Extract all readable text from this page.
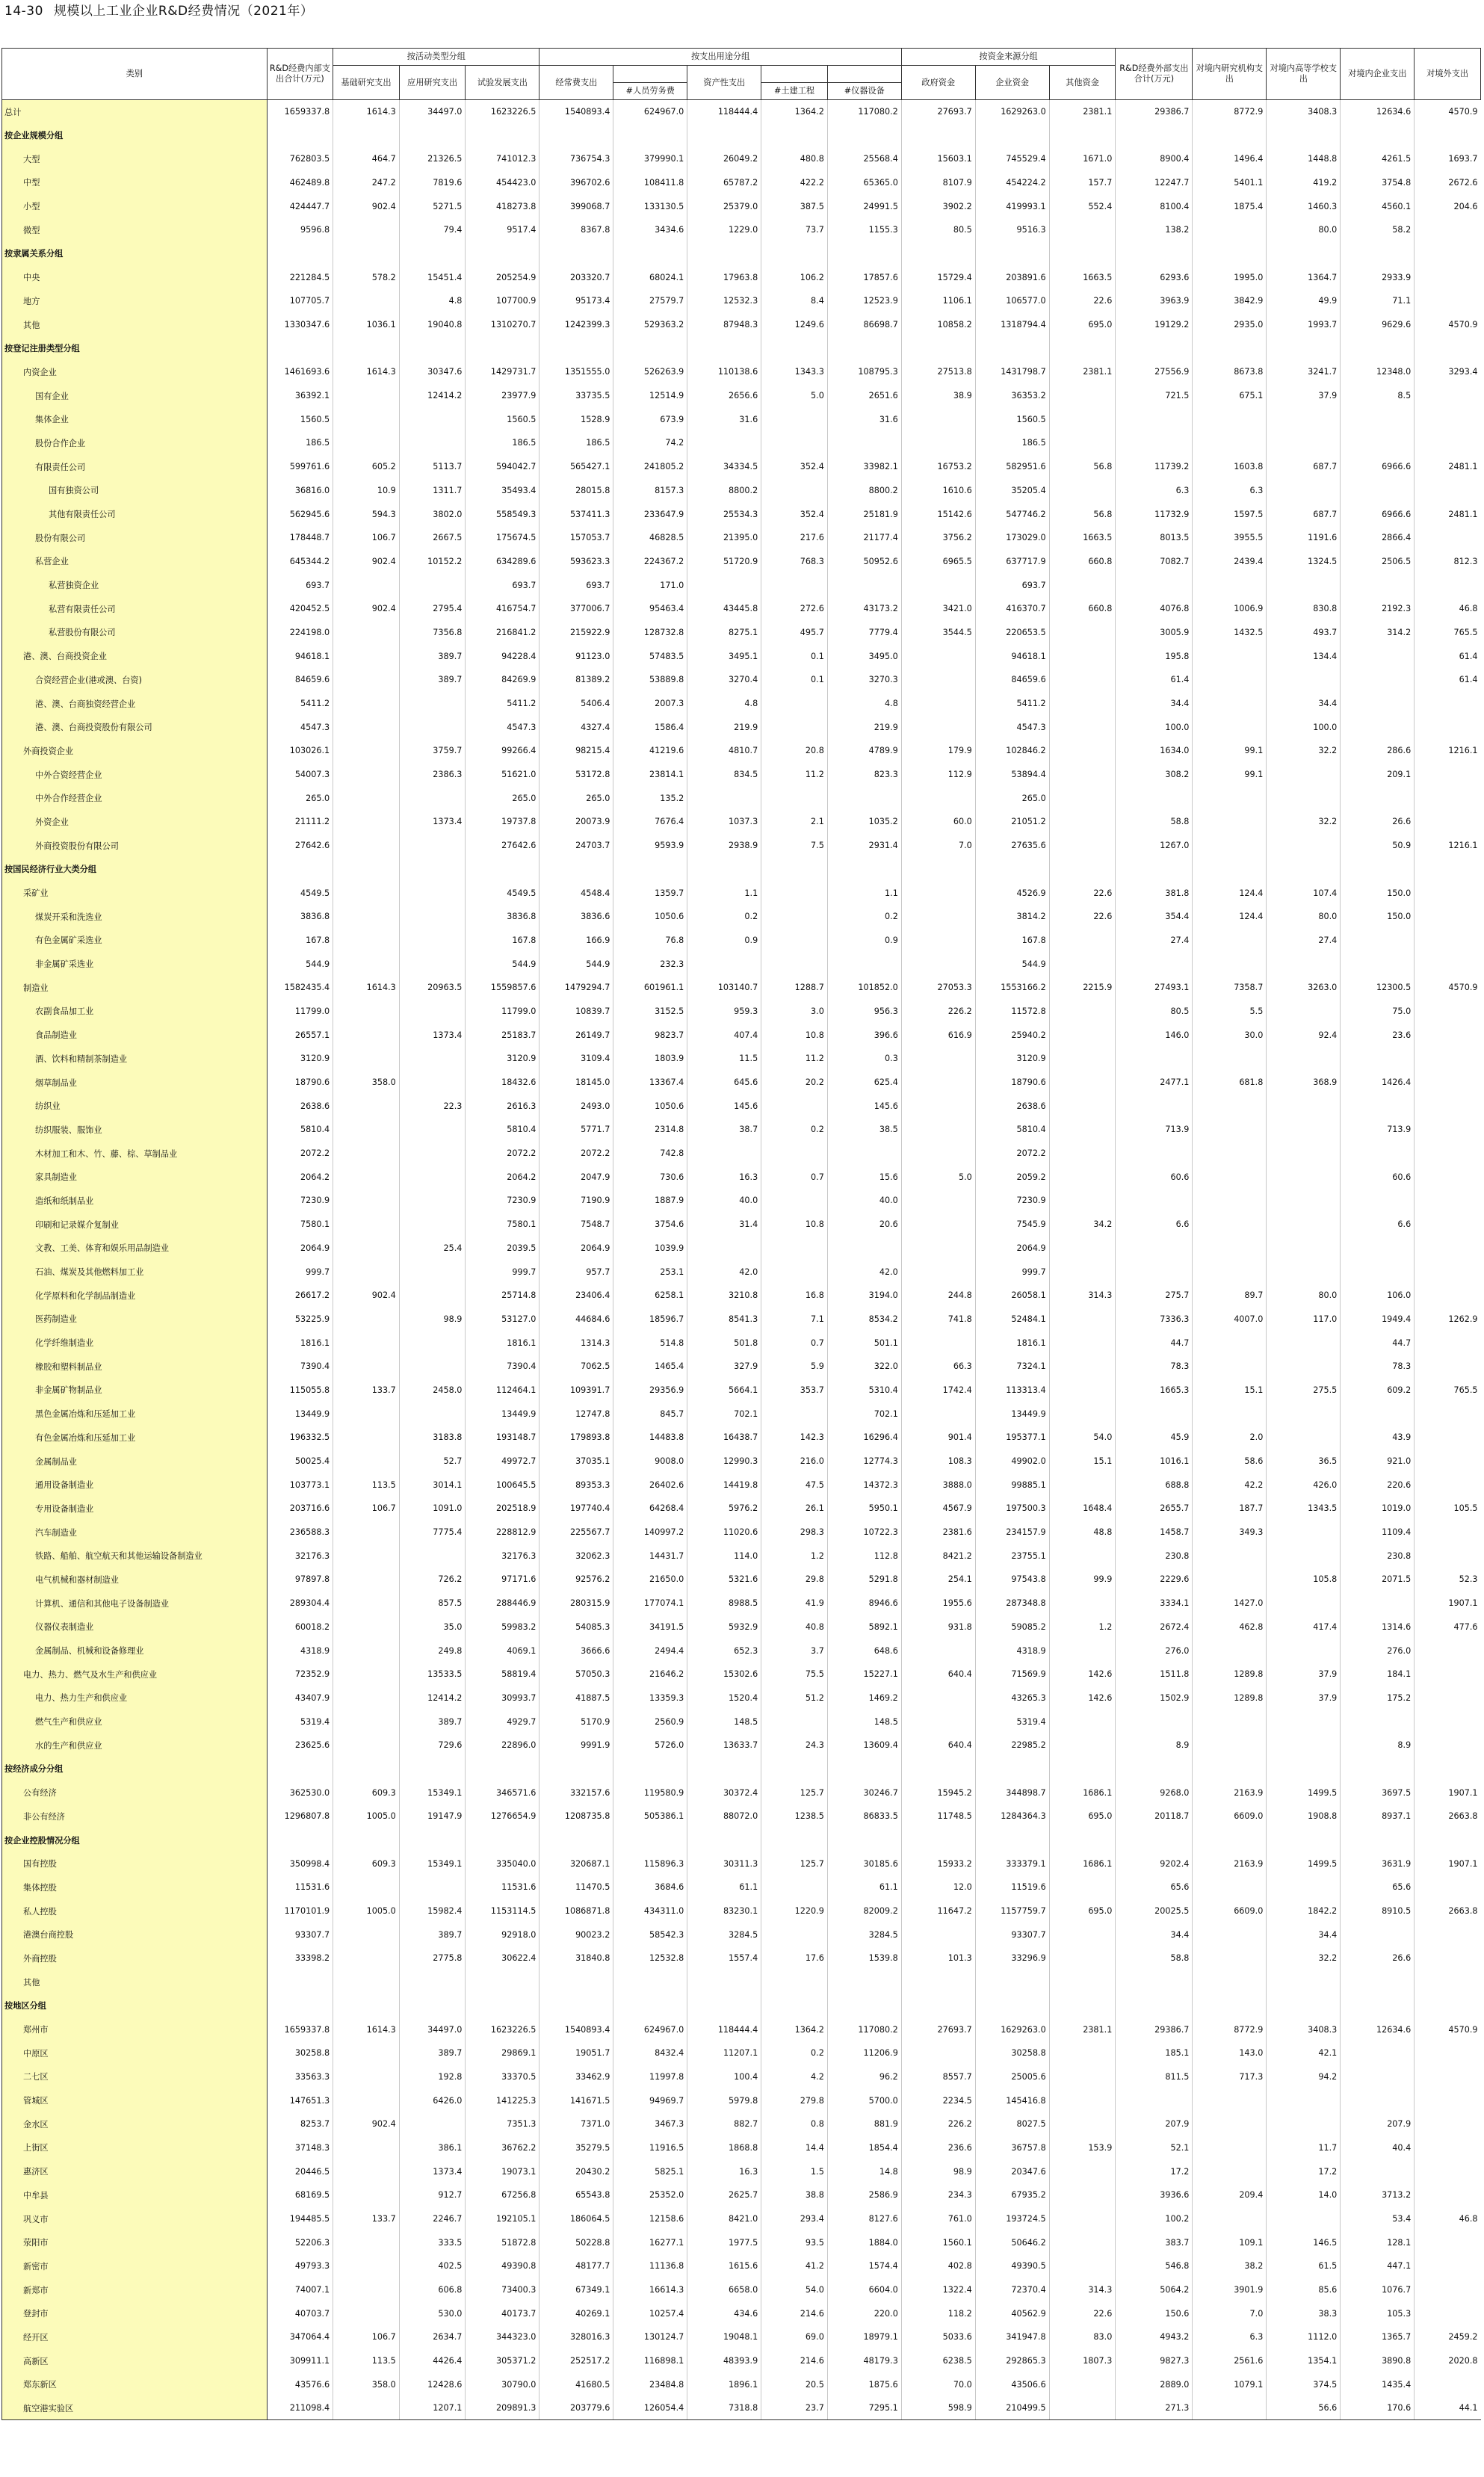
14-30 规模以上工业企业R&D经费情况（2021年）
类别	R&D经费内部支出合计(万元)	按活动类型分组			按支出用途分组					按资金来源分组			R&D经费外部支出合计(万元)	对境内研究机构支出	对境内高等学校支出	对境内企业支出	对境外支出
		基础研究支出	应用研究支出	试验发展支出	经常费支出		资产性支出			政府资金	企业资金	其他资金					
						#人员劳务费		#土建工程	#仪器设备								
总计	1659337.8	1614.3	34497.0	1623226.5	1540893.4	624967.0	118444.4	1364.2	117080.2	27693.7	1629263.0	2381.1	29386.7	8772.9	3408.3	12634.6	4570.9
按企业规模分组																	
大型	762803.5	464.7	21326.5	741012.3	736754.3	379990.1	26049.2	480.8	25568.4	15603.1	745529.4	1671.0	8900.4	1496.4	1448.8	4261.5	1693.7
中型	462489.8	247.2	7819.6	454423.0	396702.6	108411.8	65787.2	422.2	65365.0	8107.9	454224.2	157.7	12247.7	5401.1	419.2	3754.8	2672.6
小型	424447.7	902.4	5271.5	418273.8	399068.7	133130.5	25379.0	387.5	24991.5	3902.2	419993.1	552.4	8100.4	1875.4	1460.3	4560.1	204.6
微型	9596.8		79.4	9517.4	8367.8	3434.6	1229.0	73.7	1155.3	80.5	9516.3		138.2		80.0	58.2	
按隶属关系分组																	
中央	221284.5	578.2	15451.4	205254.9	203320.7	68024.1	17963.8	106.2	17857.6	15729.4	203891.6	1663.5	6293.6	1995.0	1364.7	2933.9	
地方	107705.7		4.8	107700.9	95173.4	27579.7	12532.3	8.4	12523.9	1106.1	106577.0	22.6	3963.9	3842.9	49.9	71.1	
其他	1330347.6	1036.1	19040.8	1310270.7	1242399.3	529363.2	87948.3	1249.6	86698.7	10858.2	1318794.4	695.0	19129.2	2935.0	1993.7	9629.6	4570.9
按登记注册类型分组																	
内资企业	1461693.6	1614.3	30347.6	1429731.7	1351555.0	526263.9	110138.6	1343.3	108795.3	27513.8	1431798.7	2381.1	27556.9	8673.8	3241.7	12348.0	3293.4
国有企业	36392.1		12414.2	23977.9	33735.5	12514.9	2656.6	5.0	2651.6	38.9	36353.2		721.5	675.1	37.9	8.5	
集体企业	1560.5			1560.5	1528.9	673.9	31.6		31.6		1560.5						
股份合作企业	186.5			186.5	186.5	74.2					186.5						
有限责任公司	599761.6	605.2	5113.7	594042.7	565427.1	241805.2	34334.5	352.4	33982.1	16753.2	582951.6	56.8	11739.2	1603.8	687.7	6966.6	2481.1
国有独资公司	36816.0	10.9	1311.7	35493.4	28015.8	8157.3	8800.2		8800.2	1610.6	35205.4		6.3	6.3			
其他有限责任公司	562945.6	594.3	3802.0	558549.3	537411.3	233647.9	25534.3	352.4	25181.9	15142.6	547746.2	56.8	11732.9	1597.5	687.7	6966.6	2481.1
股份有限公司	178448.7	106.7	2667.5	175674.5	157053.7	46828.5	21395.0	217.6	21177.4	3756.2	173029.0	1663.5	8013.5	3955.5	1191.6	2866.4	
私营企业	645344.2	902.4	10152.2	634289.6	593623.3	224367.2	51720.9	768.3	50952.6	6965.5	637717.9	660.8	7082.7	2439.4	1324.5	2506.5	812.3
私营独资企业	693.7			693.7	693.7	171.0					693.7						
私营有限责任公司	420452.5	902.4	2795.4	416754.7	377006.7	95463.4	43445.8	272.6	43173.2	3421.0	416370.7	660.8	4076.8	1006.9	830.8	2192.3	46.8
私营股份有限公司	224198.0		7356.8	216841.2	215922.9	128732.8	8275.1	495.7	7779.4	3544.5	220653.5		3005.9	1432.5	493.7	314.2	765.5
港、澳、台商投资企业	94618.1		389.7	94228.4	91123.0	57483.5	3495.1	0.1	3495.0		94618.1		195.8		134.4		61.4
合资经营企业(港或澳、台资)	84659.6		389.7	84269.9	81389.2	53889.8	3270.4	0.1	3270.3		84659.6		61.4				61.4
港、澳、台商独资经营企业	5411.2			5411.2	5406.4	2007.3	4.8		4.8		5411.2		34.4		34.4		
港、澳、台商投资股份有限公司	4547.3			4547.3	4327.4	1586.4	219.9		219.9		4547.3		100.0		100.0		
外商投资企业	103026.1		3759.7	99266.4	98215.4	41219.6	4810.7	20.8	4789.9	179.9	102846.2		1634.0	99.1	32.2	286.6	1216.1
中外合资经营企业	54007.3		2386.3	51621.0	53172.8	23814.1	834.5	11.2	823.3	112.9	53894.4		308.2	99.1		209.1	
中外合作经营企业	265.0			265.0	265.0	135.2					265.0						
外资企业	21111.2		1373.4	19737.8	20073.9	7676.4	1037.3	2.1	1035.2	60.0	21051.2		58.8		32.2	26.6	
外商投资股份有限公司	27642.6			27642.6	24703.7	9593.9	2938.9	7.5	2931.4	7.0	27635.6		1267.0			50.9	1216.1
按国民经济行业大类分组																	
采矿业	4549.5			4549.5	4548.4	1359.7	1.1		1.1		4526.9	22.6	381.8	124.4	107.4	150.0	
煤炭开采和洗选业	3836.8			3836.8	3836.6	1050.6	0.2		0.2		3814.2	22.6	354.4	124.4	80.0	150.0	
有色金属矿采选业	167.8			167.8	166.9	76.8	0.9		0.9		167.8		27.4		27.4		
非金属矿采选业	544.9			544.9	544.9	232.3					544.9						
制造业	1582435.4	1614.3	20963.5	1559857.6	1479294.7	601961.1	103140.7	1288.7	101852.0	27053.3	1553166.2	2215.9	27493.1	7358.7	3263.0	12300.5	4570.9
农副食品加工业	11799.0			11799.0	10839.7	3152.5	959.3	3.0	956.3	226.2	11572.8		80.5	5.5		75.0	
食品制造业	26557.1		1373.4	25183.7	26149.7	9823.7	407.4	10.8	396.6	616.9	25940.2		146.0	30.0	92.4	23.6	
酒、饮料和精制茶制造业	3120.9			3120.9	3109.4	1803.9	11.5	11.2	0.3		3120.9						
烟草制品业	18790.6	358.0		18432.6	18145.0	13367.4	645.6	20.2	625.4		18790.6		2477.1	681.8	368.9	1426.4	
纺织业	2638.6		22.3	2616.3	2493.0	1050.6	145.6		145.6		2638.6						
纺织服装、服饰业	5810.4			5810.4	5771.7	2314.8	38.7	0.2	38.5		5810.4		713.9			713.9	
木材加工和木、竹、藤、棕、草制品业	2072.2			2072.2	2072.2	742.8					2072.2						
家具制造业	2064.2			2064.2	2047.9	730.6	16.3	0.7	15.6	5.0	2059.2		60.6			60.6	
造纸和纸制品业	7230.9			7230.9	7190.9	1887.9	40.0		40.0		7230.9						
印刷和记录媒介复制业	7580.1			7580.1	7548.7	3754.6	31.4	10.8	20.6		7545.9	34.2	6.6			6.6	
文教、工美、体育和娱乐用品制造业	2064.9		25.4	2039.5	2064.9	1039.9					2064.9						
石油、煤炭及其他燃料加工业	999.7			999.7	957.7	253.1	42.0		42.0		999.7						
化学原料和化学制品制造业	26617.2	902.4		25714.8	23406.4	6258.1	3210.8	16.8	3194.0	244.8	26058.1	314.3	275.7	89.7	80.0	106.0	
医药制造业	53225.9		98.9	53127.0	44684.6	18596.7	8541.3	7.1	8534.2	741.8	52484.1		7336.3	4007.0	117.0	1949.4	1262.9
化学纤维制造业	1816.1			1816.1	1314.3	514.8	501.8	0.7	501.1		1816.1		44.7			44.7	
橡胶和塑料制品业	7390.4			7390.4	7062.5	1465.4	327.9	5.9	322.0	66.3	7324.1		78.3			78.3	
非金属矿物制品业	115055.8	133.7	2458.0	112464.1	109391.7	29356.9	5664.1	353.7	5310.4	1742.4	113313.4		1665.3	15.1	275.5	609.2	765.5
黑色金属冶炼和压延加工业	13449.9			13449.9	12747.8	845.7	702.1		702.1		13449.9						
有色金属冶炼和压延加工业	196332.5		3183.8	193148.7	179893.8	14483.8	16438.7	142.3	16296.4	901.4	195377.1	54.0	45.9	2.0		43.9	
金属制品业	50025.4		52.7	49972.7	37035.1	9008.0	12990.3	216.0	12774.3	108.3	49902.0	15.1	1016.1	58.6	36.5	921.0	
通用设备制造业	103773.1	113.5	3014.1	100645.5	89353.3	26402.6	14419.8	47.5	14372.3	3888.0	99885.1		688.8	42.2	426.0	220.6	
专用设备制造业	203716.6	106.7	1091.0	202518.9	197740.4	64268.4	5976.2	26.1	5950.1	4567.9	197500.3	1648.4	2655.7	187.7	1343.5	1019.0	105.5
汽车制造业	236588.3		7775.4	228812.9	225567.7	140997.2	11020.6	298.3	10722.3	2381.6	234157.9	48.8	1458.7	349.3		1109.4	
铁路、船舶、航空航天和其他运输设备制造业	32176.3			32176.3	32062.3	14431.7	114.0	1.2	112.8	8421.2	23755.1		230.8			230.8	
电气机械和器材制造业	97897.8		726.2	97171.6	92576.2	21650.0	5321.6	29.8	5291.8	254.1	97543.8	99.9	2229.6		105.8	2071.5	52.3
计算机、通信和其他电子设备制造业	289304.4		857.5	288446.9	280315.9	177074.1	8988.5	41.9	8946.6	1955.6	287348.8		3334.1	1427.0			1907.1
仪器仪表制造业	60018.2		35.0	59983.2	54085.3	34191.5	5932.9	40.8	5892.1	931.8	59085.2	1.2	2672.4	462.8	417.4	1314.6	477.6
金属制品、机械和设备修理业	4318.9		249.8	4069.1	3666.6	2494.4	652.3	3.7	648.6		4318.9		276.0			276.0	
电力、热力、燃气及水生产和供应业	72352.9		13533.5	58819.4	57050.3	21646.2	15302.6	75.5	15227.1	640.4	71569.9	142.6	1511.8	1289.8	37.9	184.1	
电力、热力生产和供应业	43407.9		12414.2	30993.7	41887.5	13359.3	1520.4	51.2	1469.2		43265.3	142.6	1502.9	1289.8	37.9	175.2	
燃气生产和供应业	5319.4		389.7	4929.7	5170.9	2560.9	148.5		148.5		5319.4						
水的生产和供应业	23625.6		729.6	22896.0	9991.9	5726.0	13633.7	24.3	13609.4	640.4	22985.2		8.9			8.9	
按经济成分分组																	
公有经济	362530.0	609.3	15349.1	346571.6	332157.6	119580.9	30372.4	125.7	30246.7	15945.2	344898.7	1686.1	9268.0	2163.9	1499.5	3697.5	1907.1
非公有经济	1296807.8	1005.0	19147.9	1276654.9	1208735.8	505386.1	88072.0	1238.5	86833.5	11748.5	1284364.3	695.0	20118.7	6609.0	1908.8	8937.1	2663.8
按企业控股情况分组																	
国有控股	350998.4	609.3	15349.1	335040.0	320687.1	115896.3	30311.3	125.7	30185.6	15933.2	333379.1	1686.1	9202.4	2163.9	1499.5	3631.9	1907.1
集体控股	11531.6			11531.6	11470.5	3684.6	61.1		61.1	12.0	11519.6		65.6			65.6	
私人控股	1170101.9	1005.0	15982.4	1153114.5	1086871.8	434311.0	83230.1	1220.9	82009.2	11647.2	1157759.7	695.0	20025.5	6609.0	1842.2	8910.5	2663.8
港澳台商控股	93307.7		389.7	92918.0	90023.2	58542.3	3284.5		3284.5		93307.7		34.4		34.4		
外商控股	33398.2		2775.8	30622.4	31840.8	12532.8	1557.4	17.6	1539.8	101.3	33296.9		58.8		32.2	26.6	
其他																	
按地区分组																	
郑州市	1659337.8	1614.3	34497.0	1623226.5	1540893.4	624967.0	118444.4	1364.2	117080.2	27693.7	1629263.0	2381.1	29386.7	8772.9	3408.3	12634.6	4570.9
中原区	30258.8		389.7	29869.1	19051.7	8432.4	11207.1	0.2	11206.9		30258.8		185.1	143.0	42.1		
二七区	33563.3		192.8	33370.5	33462.9	11997.8	100.4	4.2	96.2	8557.7	25005.6		811.5	717.3	94.2		
管城区	147651.3		6426.0	141225.3	141671.5	94969.7	5979.8	279.8	5700.0	2234.5	145416.8						
金水区	8253.7	902.4		7351.3	7371.0	3467.3	882.7	0.8	881.9	226.2	8027.5		207.9			207.9	
上街区	37148.3		386.1	36762.2	35279.5	11916.5	1868.8	14.4	1854.4	236.6	36757.8	153.9	52.1		11.7	40.4	
惠济区	20446.5		1373.4	19073.1	20430.2	5825.1	16.3	1.5	14.8	98.9	20347.6		17.2		17.2		
中牟县	68169.5		912.7	67256.8	65543.8	25352.0	2625.7	38.8	2586.9	234.3	67935.2		3936.6	209.4	14.0	3713.2	
巩义市	194485.5	133.7	2246.7	192105.1	186064.5	12158.6	8421.0	293.4	8127.6	761.0	193724.5		100.2			53.4	46.8
荥阳市	52206.3		333.5	51872.8	50228.8	16277.1	1977.5	93.5	1884.0	1560.1	50646.2		383.7	109.1	146.5	128.1	
新密市	49793.3		402.5	49390.8	48177.7	11136.8	1615.6	41.2	1574.4	402.8	49390.5		546.8	38.2	61.5	447.1	
新郑市	74007.1		606.8	73400.3	67349.1	16614.3	6658.0	54.0	6604.0	1322.4	72370.4	314.3	5064.2	3901.9	85.6	1076.7	
登封市	40703.7		530.0	40173.7	40269.1	10257.4	434.6	214.6	220.0	118.2	40562.9	22.6	150.6	7.0	38.3	105.3	
经开区	347064.4	106.7	2634.7	344323.0	328016.3	130124.7	19048.1	69.0	18979.1	5033.6	341947.8	83.0	4943.2	6.3	1112.0	1365.7	2459.2
高新区	309911.1	113.5	4426.4	305371.2	252517.2	116898.1	48393.9	214.6	48179.3	6238.5	292865.3	1807.3	9827.3	2561.6	1354.1	3890.8	2020.8
郑东新区	43576.6	358.0	12428.6	30790.0	41680.5	23484.8	1896.1	20.5	1875.6	70.0	43506.6		2889.0	1079.1	374.5	1435.4	
航空港实验区	211098.4		1207.1	209891.3	203779.6	126054.4	7318.8	23.7	7295.1	598.9	210499.5		271.3		56.6	170.6	44.1
